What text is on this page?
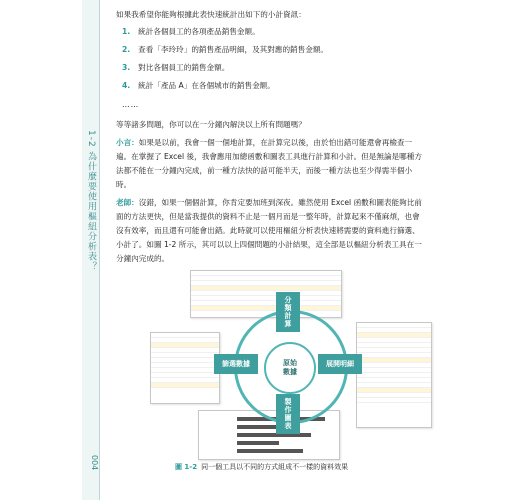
1-2 為什麼要使用樞紐分析表？
004

如果我希望你能夠根據此表快速統計出如下的小計資訊：

1. 統計各個員工的各項產品銷售金額。
2. 查看「李玲玲」的銷售產品明細，及其對應的銷售金額。
3. 對比各個員工的銷售金額。
4. 統計「產品 A」在各個城市的銷售金額。
……

等等諸多問題，你可以在一分鐘內解決以上所有問題嗎？

小言：如果是以前，我會一個一個地計算，在計算完以後，由於怕出錯可能還會再檢查一遍。在掌握了 Excel 後，我會應用加總函數和圖表工具進行計算和小計。但是無論是哪種方法都不能在一分鐘內完成，前一種方法快的話可能半天，而後一種方法也至少得需半個小時。

老師：沒錯，如果一個個計算，你肯定要加班到深夜。雖然使用 Excel 函數和圖表能夠比前面的方法更快，但是當我提供的資料不止是一個月而是一整年時，計算起來不僅麻煩，也會沒有效率，而且還有可能會出錯。此時就可以使用樞紐分析表快速將需要的資料進行篩選、小計了。如圖 1-2 所示，其可以以上四個問題的小計結果，這全部是以樞紐分析表工具在一分鐘內完成的。

分類計算
篩選數據	展開明細
製作圖表
原始
數據
圖 1-2 同一個工具以不同的方式組成不一樣的資料效果
